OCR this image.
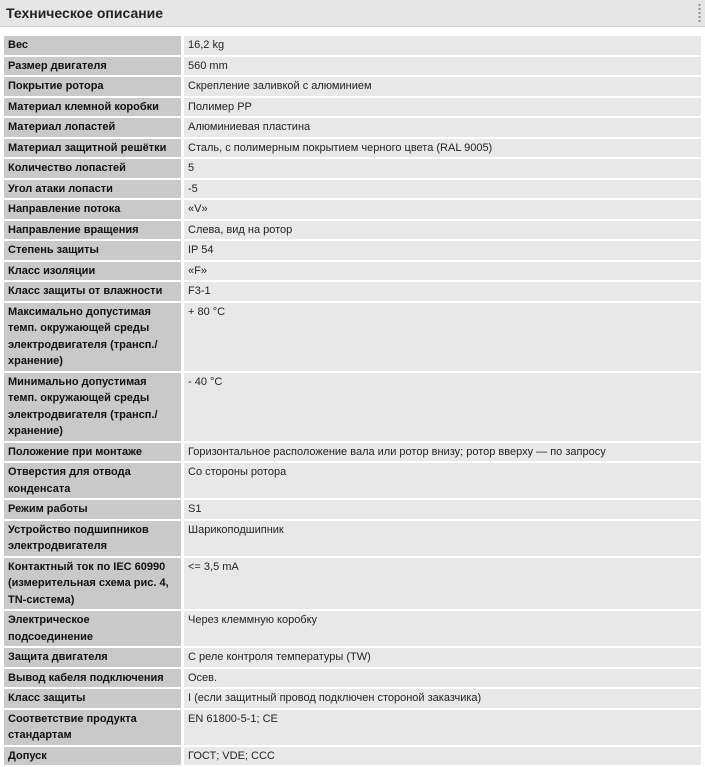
Техническое описание
Вес	16,2 kg
Размер двигателя	560 mm
Покрытие ротора	Скрепление заливкой с алюминием
Материал клемной коробки	Полимер PP
Материал лопастей	Алюминиевая пластина
Материал защитной решётки	Сталь, с полимерным покрытием черного цвета (RAL 9005)
Количество лопастей	5
Угол атаки лопасти	-5
Направление потока	«V»
Направление вращения	Слева, вид на ротор
Степень защиты	IP 54
Класс изоляции	«F»
Класс защиты от влажности	F3-1
Максимально допустимая темп. окружающей среды электродвигателя (трансп./хранение)	+ 80 °C
Минимально допустимая темп. окружающей среды электродвигателя (трансп./хранение)	- 40 °C
Положение при монтаже	Горизонтальное расположение вала или ротор внизу; ротор вверху — по запросу
Отверстия для отвода конденсата	Со стороны ротора
Режим работы	S1
Устройство подшипников электродвигателя	Шарикоподшипник
Контактный ток по IEC 60990 (измерительная схема рис. 4, TN-система)	<= 3,5 mA
Электрическое подсоединение	Через клеммную коробку
Защита двигателя	С реле контроля температуры (TW)
Вывод кабеля подключения	Осев.
Класс защиты	I (если защитный провод подключен стороной заказчика)
Соответствие продукта стандартам	EN 61800-5-1; CE
Допуск	ГОСТ; VDE; CCC
